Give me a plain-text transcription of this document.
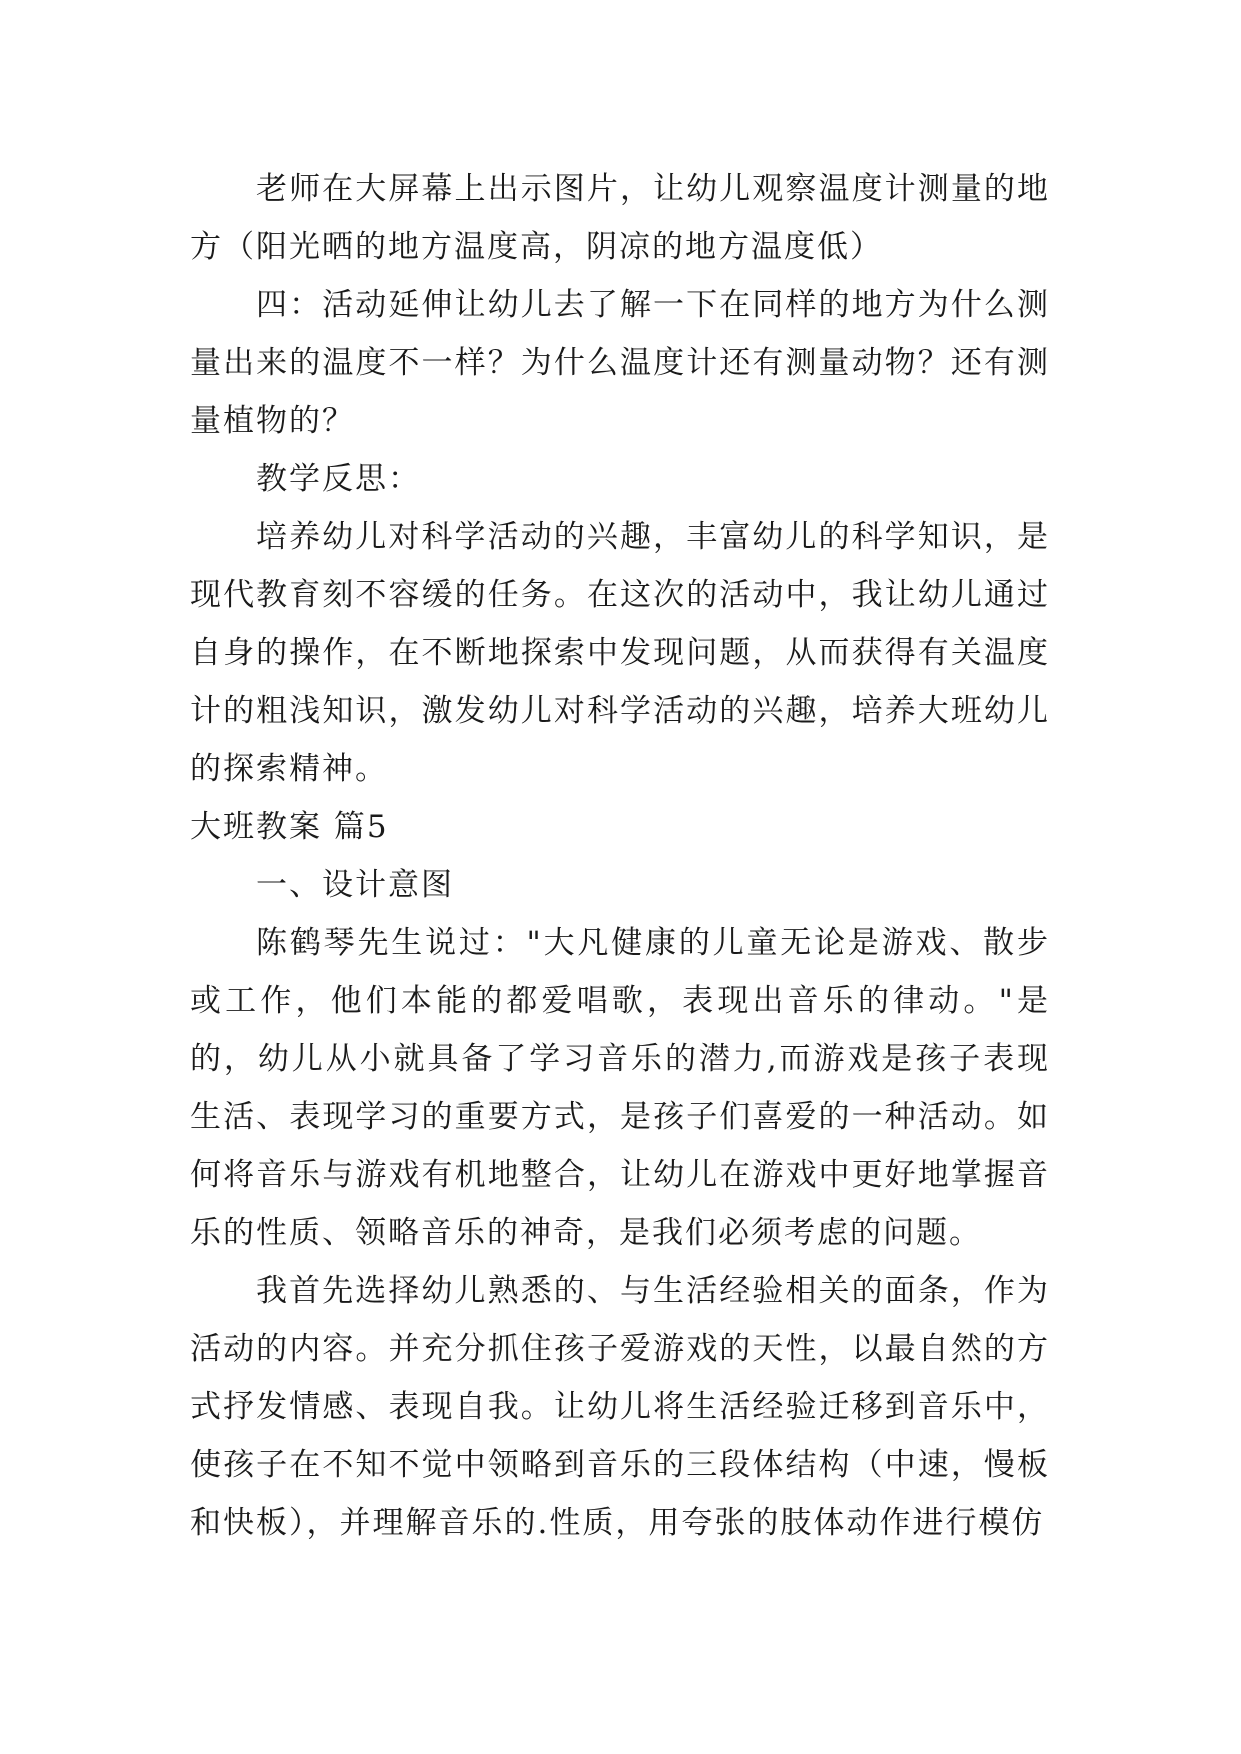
老师在大屏幕上出示图片，让幼儿观察温度计测量的地方（阳光晒的地方温度高，阴凉的地方温度低）

四：活动延伸让幼儿去了解一下在同样的地方为什么测量出来的温度不一样？为什么温度计还有测量动物？还有测量植物的？

教学反思：

培养幼儿对科学活动的兴趣，丰富幼儿的科学知识，是现代教育刻不容缓的任务。在这次的活动中，我让幼儿通过自身的操作，在不断地探索中发现问题，从而获得有关温度计的粗浅知识，激发幼儿对科学活动的兴趣，培养大班幼儿的探索精神。

大班教案 篇5

一、设计意图

陈鹤琴先生说过："大凡健康的儿童无论是游戏、散步或工作，他们本能的都爱唱歌，表现出音乐的律动。"是的，幼儿从小就具备了学习音乐的潜力,而游戏是孩子表现生活、表现学习的重要方式，是孩子们喜爱的一种活动。如何将音乐与游戏有机地整合，让幼儿在游戏中更好地掌握音乐的性质、领略音乐的神奇，是我们必须考虑的问题。

我首先选择幼儿熟悉的、与生活经验相关的面条，作为活动的内容。并充分抓住孩子爱游戏的天性，以最自然的方式抒发情感、表现自我。让幼儿将生活经验迁移到音乐中，使孩子在不知不觉中领略到音乐的三段体结构（中速，慢板和快板），并理解音乐的.性质，用夸张的肢体动作进行模仿
